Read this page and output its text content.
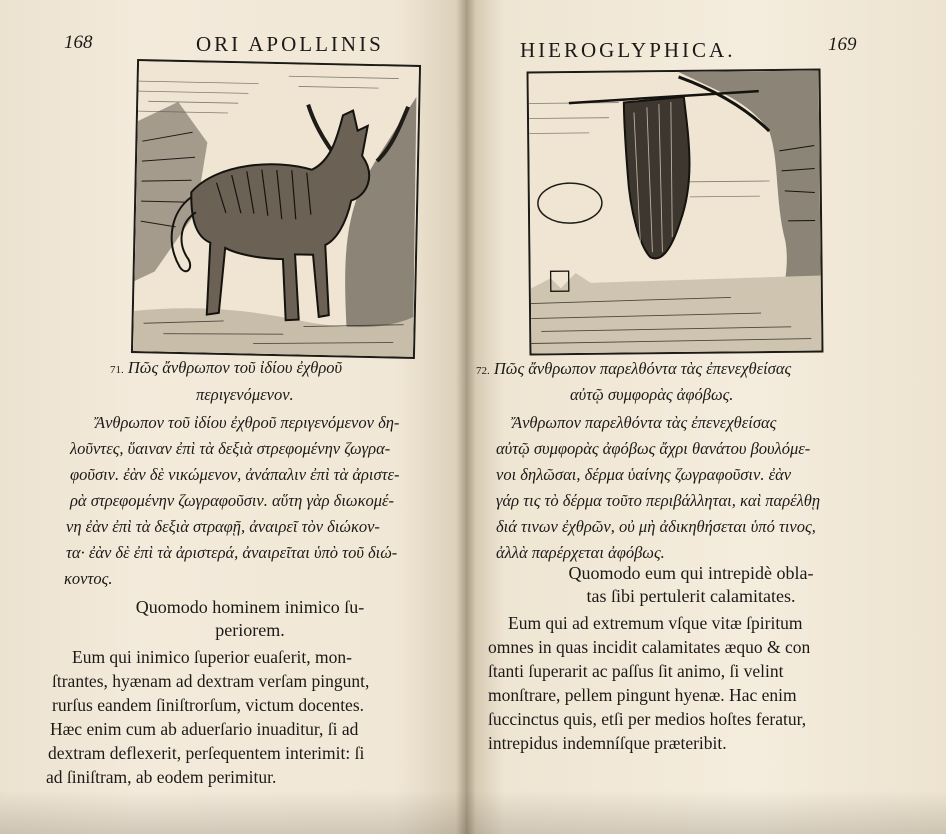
168	ORI APOLLINIS
71. Πῶς ἄνθρωπον τοῦ ἰδίου ἐχθροῦ
περιγενόμενον.
Ἄνθρωπον τοῦ ἰδίου ἐχθροῦ περιγενόμενον δη-
λοῦντες, ὕαιναν ἐπὶ τὰ δεξιὰ στρεφομένην ζωγρα-
φοῦσιν. ἐὰν δὲ νικώμενον, ἀνάπαλιν ἐπὶ τὰ ἀριστε-
ρὰ στρεφομένην ζωγραφοῦσιν. αὕτη γὰρ διωκομέ-
νη ἐὰν ἐπὶ τὰ δεξιὰ στραφῇ, ἀναιρεῖ τὸν διώκον-
τα· ἐὰν δὲ ἐπὶ τὰ ἀριστερά, ἀναιρεῖται ὑπὸ τοῦ διώ-
κοντος.
Quomodo hominem inimico ſu-
periorem.
Eum qui inimico ſuperior euaſerit, mon-
ſtrantes, hyænam ad dextram verſam pingunt,
rurſus eandem ſiniſtrorſum, victum docentes.
Hæc enim cum ab aduerſario inuaditur, ſi ad
dextram deflexerit, perſequentem interimit: ſi
ad ſiniſtram, ab eodem perimitur.
HIEROGLYPHICA.	169
72. Πῶς ἄνθρωπον παρελθόντα τὰς ἐπενεχθείσας
αὐτῷ συμφορὰς ἀφόβως.
Ἄνθρωπον παρελθόντα τὰς ἐπενεχθείσας
αὐτῷ συμφορὰς ἀφόβως ἄχρι θανάτου βουλόμε-
νοι δηλῶσαι, δέρμα ὑαίνης ζωγραφοῦσιν. ἐὰν
γάρ τις τὸ δέρμα τοῦτο περιβάλληται, καὶ παρέλθῃ
διά τινων ἐχθρῶν, οὐ μὴ ἀδικηθήσεται ὑπό τινος,
ἀλλὰ παρέρχεται ἀφόβως.
Quomodo eum qui intrepidè obla-
tas ſibi pertulerit calamitates.
Eum qui ad extremum vſque vitæ ſpiritum
omnes in quas incidit calamitates æquo & con
ſtanti ſuperarit ac paſſus ſit animo, ſi velint
monſtrare, pellem pingunt hyenæ. Hac enim
ſuccinctus quis, etſi per medios hoſtes feratur,
intrepidus indemníſque præteribit.
